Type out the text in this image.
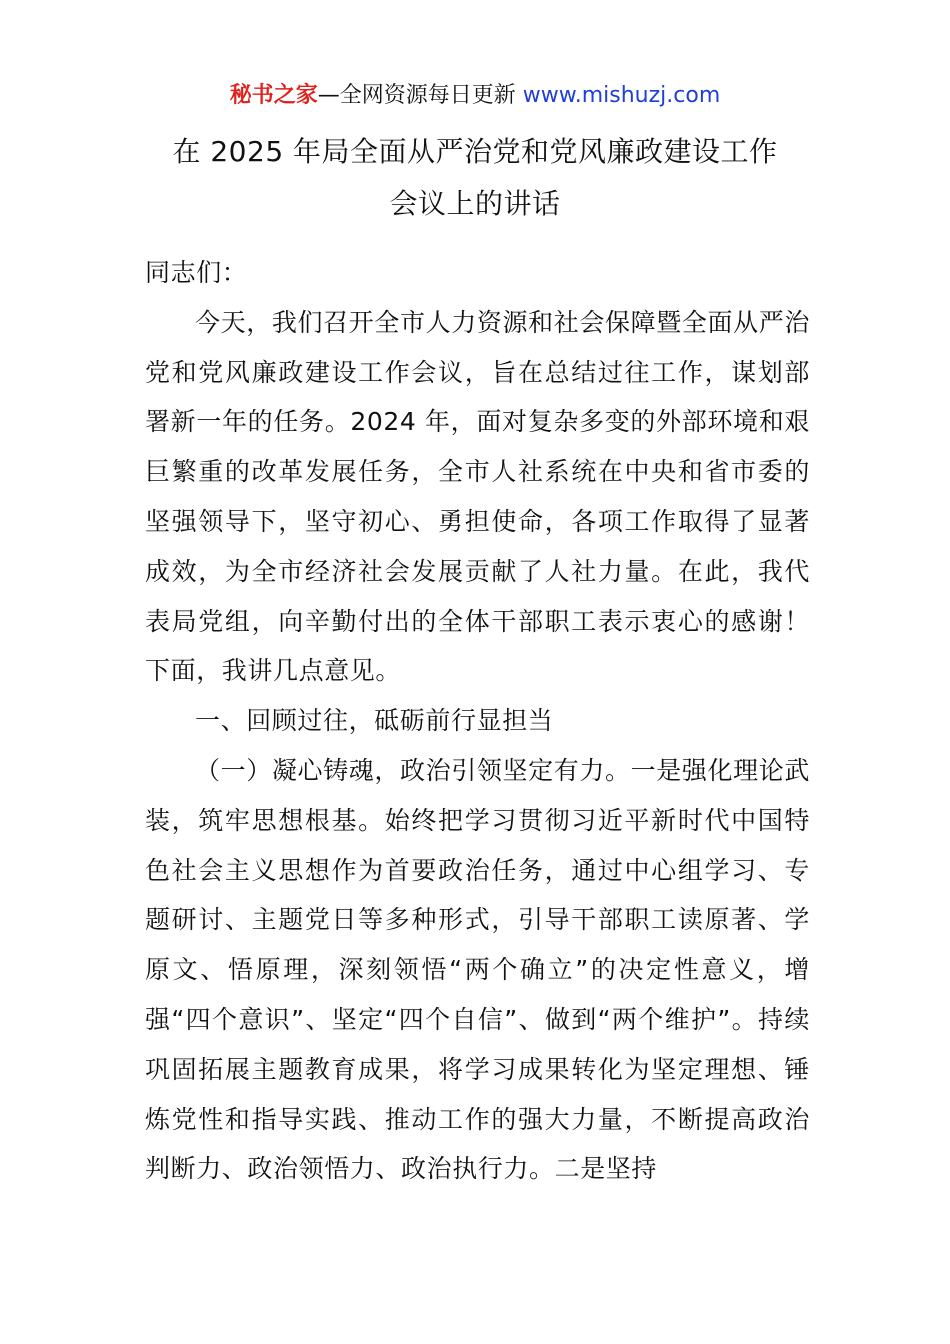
秘书之家—全网资源每日更新 www.mishuzj.com
在 2025 年局全面从严治党和党风廉政建设工作
会议上的讲话

同志们：

今天，我们召开全市人力资源和社会保障暨全面从严治党和党风廉政建设工作会议，旨在总结过往工作，谋划部署新一年的任务。2024 年，面对复杂多变的外部环境和艰巨繁重的改革发展任务，全市人社系统在中央和省市委的坚强领导下，坚守初心、勇担使命，各项工作取得了显著成效，为全市经济社会发展贡献了人社力量。在此，我代表局党组，向辛勤付出的全体干部职工表示衷心的感谢！下面，我讲几点意见。

一、回顾过往，砥砺前行显担当

（一）凝心铸魂，政治引领坚定有力。一是强化理论武装，筑牢思想根基。始终把学习贯彻习近平新时代中国特色社会主义思想作为首要政治任务，通过中心组学习、专题研讨、主题党日等多种形式，引导干部职工读原著、学原文、悟原理，深刻领悟“两个确立”的决定性意义，增强“四个意识”、坚定“四个自信”、做到“两个维护”。持续巩固拓展主题教育成果，将学习成果转化为坚定理想、锤炼党性和指导实践、推动工作的强大力量，不断提高政治判断力、政治领悟力、政治执行力。二是坚持
